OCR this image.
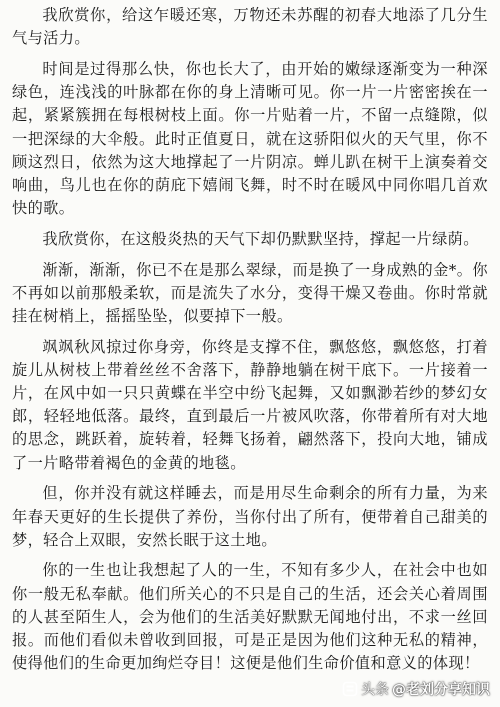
我欣赏你，给这乍暖还寒，万物还未苏醒的初春大地添了几分生气与活力。

时间是过得那么快，你也长大了，由开始的嫩绿逐渐变为一种深绿色，连浅浅的叶脉都在你的身上清晰可见。你一片一片密密挨在一起，紧紧簇拥在每根树枝上面。你一片贴着一片，不留一点缝隙，似一把深绿的大伞般。此时正值夏日，就在这骄阳似火的天气里，你不顾这烈日，依然为这大地撑起了一片阴凉。蝉儿趴在树干上演奏着交响曲，鸟儿也在你的荫庇下嬉闹飞舞，时不时在暖风中同你唱几首欢快的歌。

我欣赏你，在这般炎热的天气下却仍默默坚持，撑起一片绿荫。

渐渐，渐渐，你已不在是那么翠绿，而是换了一身成熟的金*。你不再如以前那般柔软，而是流失了水分，变得干燥又卷曲。你时常就挂在树梢上，摇摇坠坠，似要掉下一般。

飒飒秋风掠过你身旁，你终是支撑不住，飘悠悠，飘悠悠，打着旋儿从树枝上带着丝丝不舍落下，静静地躺在树干底下。一片接着一片，在风中如一只只黄蝶在半空中纷飞起舞，又如飘渺若纱的梦幻女郎，轻轻地低落。最终，直到最后一片被风吹落，你带着所有对大地的思念，跳跃着，旋转着，轻舞飞扬着，翩然落下，投向大地，铺成了一片略带着褐色的金黄的地毯。

但，你并没有就这样睡去，而是用尽生命剩余的所有力量，为来年春天更好的生长提供了养份，当你付出了所有，便带着自己甜美的梦，轻合上双眼，安然长眠于这土地。

你的一生也让我想起了人的一生，不知有多少人，在社会中也如你一般无私奉献。他们所关心的不只是自己的生活，还会关心着周围的人甚至陌生人，会为他们的生活美好默默无闻地付出，不求一丝回报。而他们看似未曾收到回报，可是正是因为他们这种无私的精神，使得他们的生命更加绚烂夺目！这便是他们生命价值和意义的体现！

头条 @老刘分享知识
